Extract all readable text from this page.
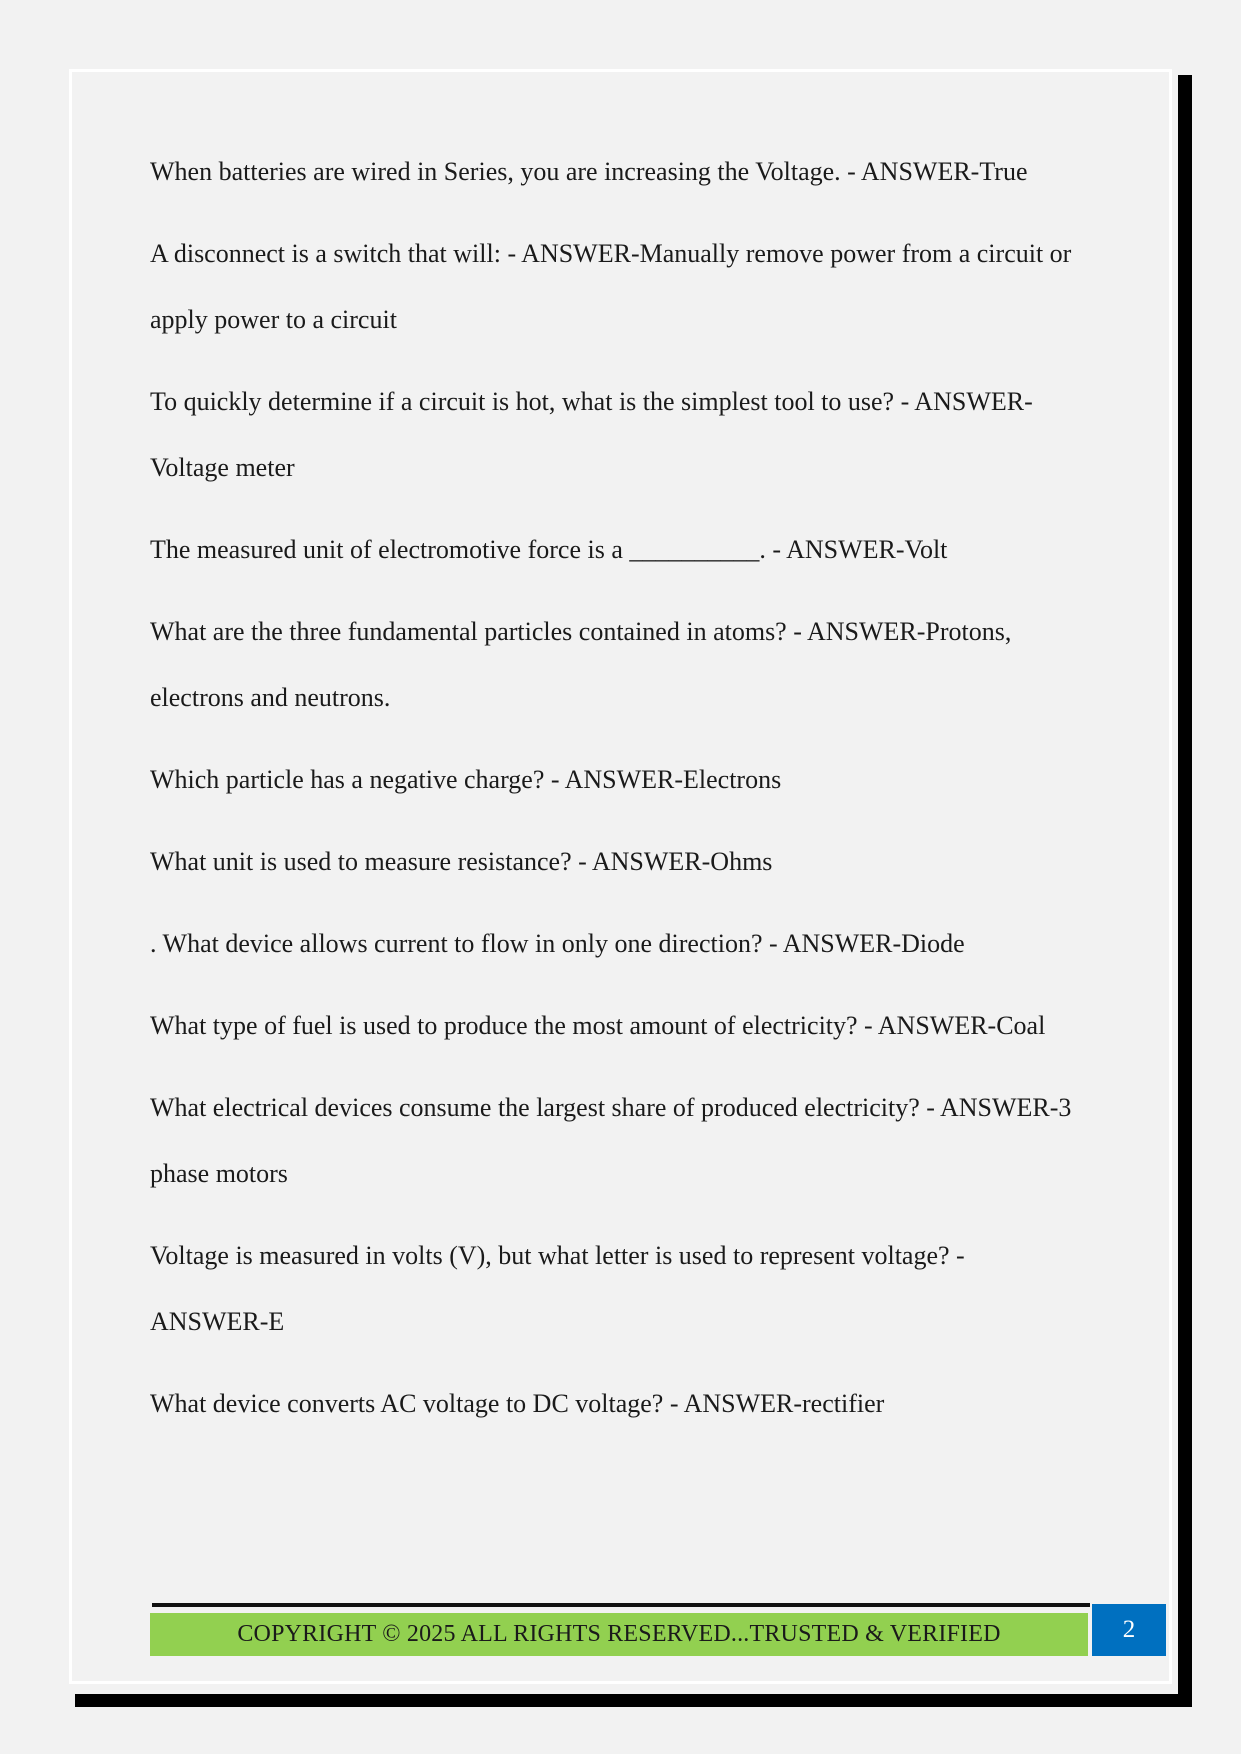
When batteries are wired in Series, you are increasing the Voltage. - ANSWER-True

A disconnect is a switch that will: - ANSWER-Manually remove power from a circuit or apply power to a circuit

To quickly determine if a circuit is hot, what is the simplest tool to use? - ANSWER-Voltage meter

The measured unit of electromotive force is a __________. - ANSWER-Volt

What are the three fundamental particles contained in atoms? - ANSWER-Protons, electrons and neutrons.

Which particle has a negative charge? - ANSWER-Electrons

What unit is used to measure resistance? - ANSWER-Ohms

. What device allows current to flow in only one direction? - ANSWER-Diode

What type of fuel is used to produce the most amount of electricity? - ANSWER-Coal

What electrical devices consume the largest share of produced electricity? - ANSWER-3 phase motors

Voltage is measured in volts (V), but what letter is used to represent voltage? - ANSWER-E

What device converts AC voltage to DC voltage? - ANSWER-rectifier

COPYRIGHT © 2025 ALL RIGHTS RESERVED...TRUSTED & VERIFIED	2
